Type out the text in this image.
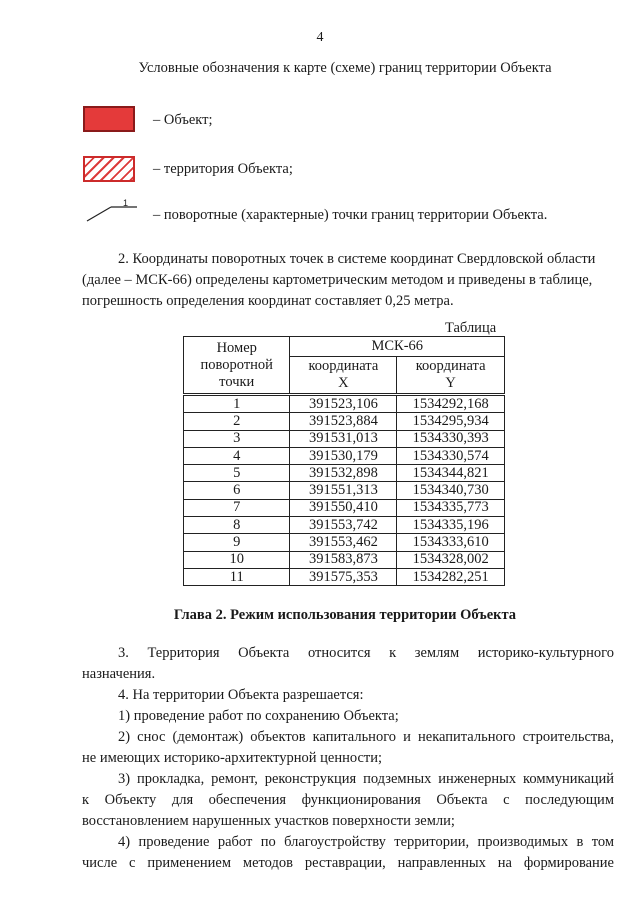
4
Условные обозначения к карте (схеме) границ территории Объекта
– Объект;
– территория Объекта;
1
– поворотные (характерные) точки границ территории Объекта.
2. Координаты поворотных точек в системе координат Свердловской области
(далее – МСК-66) определены картометрическим методом и приведены в таблице,
погрешность определения координат составляет 0,25 метра.
Таблица
Номер поворотной точки	МСК-66	
	координата X	координата Y
1	391523,106	1534292,168
2	391523,884	1534295,934
3	391531,013	1534330,393
4	391530,179	1534330,574
5	391532,898	1534344,821
6	391551,313	1534340,730
7	391550,410	1534335,773
8	391553,742	1534335,196
9	391553,462	1534333,610
10	391583,873	1534328,002
11	391575,353	1534282,251
Глава 2. Режим использования территории Объекта
3. Территория Объекта относится к землям историко-культурного
назначения.
4. На территории Объекта разрешается:
1) проведение работ по сохранению Объекта;
2) снос (демонтаж) объектов капитального и некапитального строительства,
не имеющих историко-архитектурной ценности;
3) прокладка, ремонт, реконструкция подземных инженерных коммуникаций
к Объекту для обеспечения функционирования Объекта с последующим
восстановлением нарушенных участков поверхности земли;
4) проведение работ по благоустройству территории, производимых в том
числе с применением методов реставрации, направленных на формирование
